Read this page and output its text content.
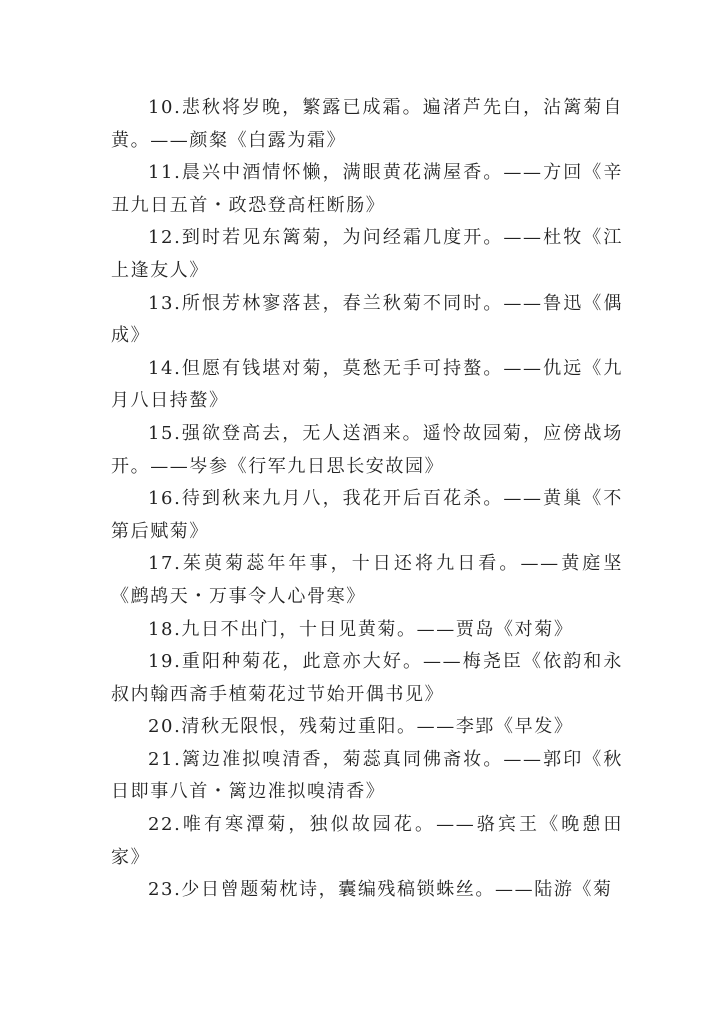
10.悲秋将岁晚，繁露已成霜。遍渚芦先白，沾篱菊自黄。——颜粲《白露为霜》

11.晨兴中酒情怀懒，满眼黄花满屋香。——方回《辛丑九日五首・政恐登高枉断肠》

12.到时若见东篱菊，为问经霜几度开。——杜牧《江上逢友人》

13.所恨芳林寥落甚，春兰秋菊不同时。——鲁迅《偶成》

14.但愿有钱堪对菊，莫愁无手可持螯。——仇远《九月八日持螯》

15.强欲登高去，无人送酒来。遥怜故园菊，应傍战场开。——岑参《行军九日思长安故园》

16.待到秋来九月八，我花开后百花杀。——黄巢《不第后赋菊》

17.茱萸菊蕊年年事，十日还将九日看。——黄庭坚《鹧鸪天・万事令人心骨寒》

18.九日不出门，十日见黄菊。——贾岛《对菊》

19.重阳种菊花，此意亦大好。——梅尧臣《依韵和永叔内翰西斋手植菊花过节始开偶书见》

20.清秋无限恨，残菊过重阳。——李郢《早发》

21.篱边准拟嗅清香，菊蕊真同佛斋妆。——郭印《秋日即事八首・篱边准拟嗅清香》

22.唯有寒潭菊，独似故园花。——骆宾王《晚憩田家》

23.少日曾题菊枕诗，囊编残稿锁蛛丝。——陆游《菊
